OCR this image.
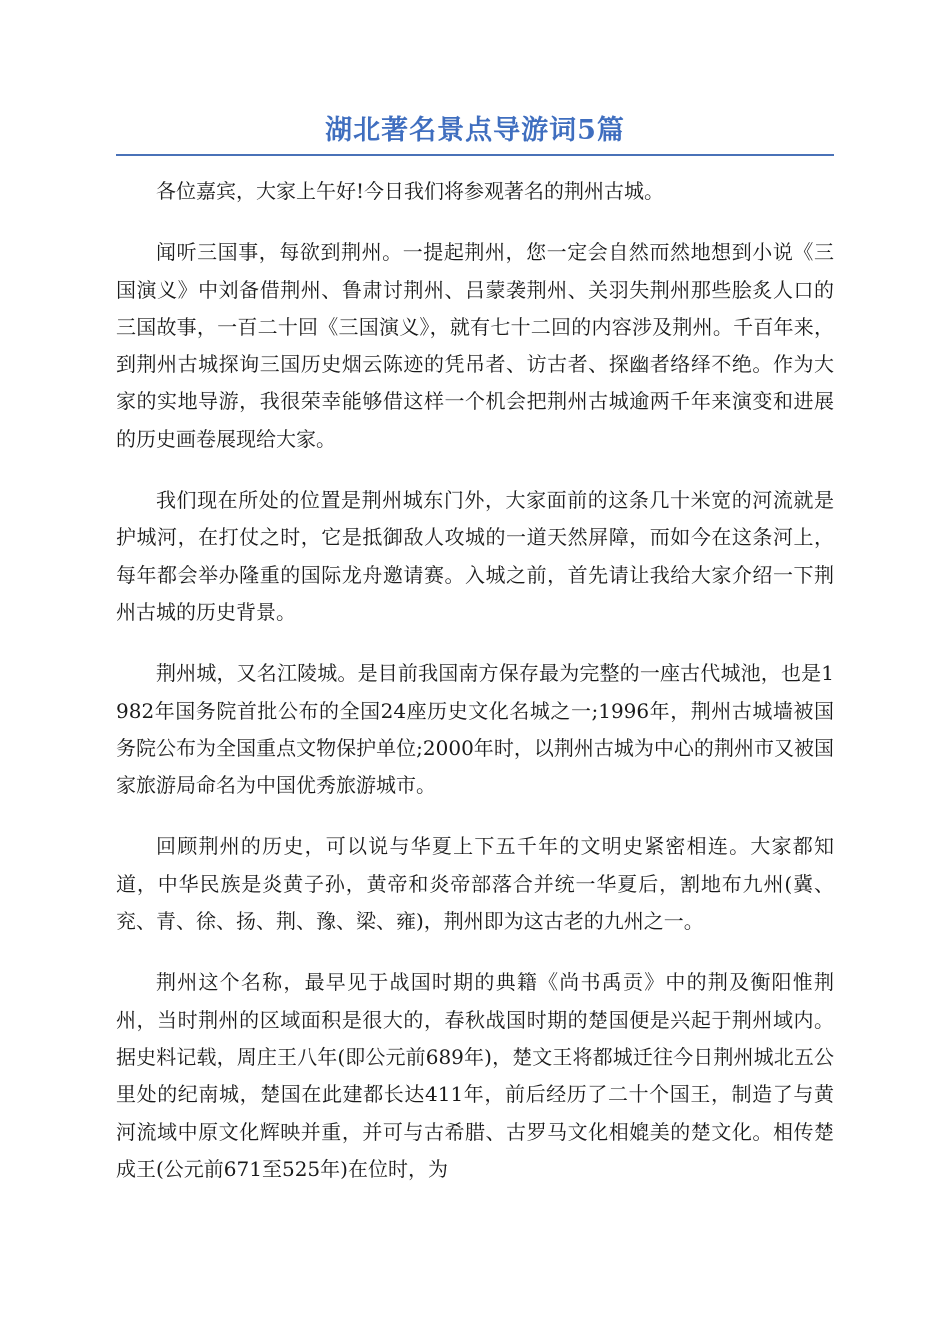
湖北著名景点导游词5篇

各位嘉宾，大家上午好!今日我们将参观著名的荆州古城。

闻听三国事，每欲到荆州。一提起荆州，您一定会自然而然地想到小说《三国演义》中刘备借荆州、鲁肃讨荆州、吕蒙袭荆州、关羽失荆州那些脍炙人口的三国故事，一百二十回《三国演义》，就有七十二回的内容涉及荆州。千百年来，到荆州古城探询三国历史烟云陈迹的凭吊者、访古者、探幽者络绎不绝。作为大家的实地导游，我很荣幸能够借这样一个机会把荆州古城逾两千年来演变和进展的历史画卷展现给大家。

我们现在所处的位置是荆州城东门外，大家面前的这条几十米宽的河流就是护城河，在打仗之时，它是抵御敌人攻城的一道天然屏障，而如今在这条河上，每年都会举办隆重的国际龙舟邀请赛。入城之前，首先请让我给大家介绍一下荆州古城的历史背景。

荆州城，又名江陵城。是目前我国南方保存最为完整的一座古代城池，也是1982年国务院首批公布的全国24座历史文化名城之一;1996年，荆州古城墙被国务院公布为全国重点文物保护单位;2000年时，以荆州古城为中心的荆州市又被国家旅游局命名为中国优秀旅游城市。

回顾荆州的历史，可以说与华夏上下五千年的文明史紧密相连。大家都知道，中华民族是炎黄子孙，黄帝和炎帝部落合并统一华夏后，割地布九州(冀、兖、青、徐、扬、荆、豫、梁、雍)，荆州即为这古老的九州之一。

荆州这个名称，最早见于战国时期的典籍《尚书禹贡》中的荆及衡阳惟荆州，当时荆州的区域面积是很大的，春秋战国时期的楚国便是兴起于荆州域内。据史料记载，周庄王八年(即公元前689年)，楚文王将都城迁往今日荆州城北五公里处的纪南城，楚国在此建都长达411年，前后经历了二十个国王，制造了与黄河流域中原文化辉映并重，并可与古希腊、古罗马文化相媲美的楚文化。相传楚成王(公元前671至525年)在位时，为
